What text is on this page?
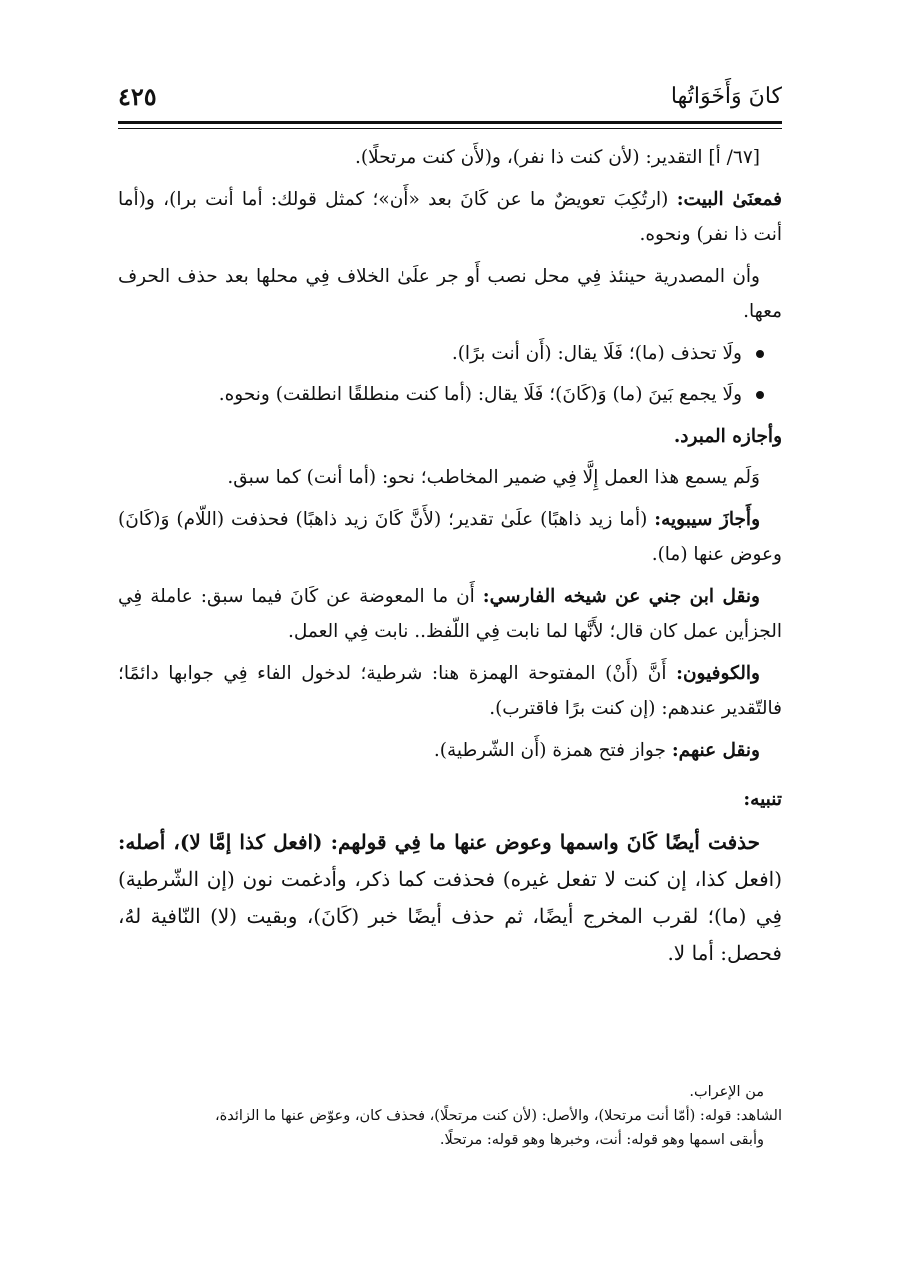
كانَ وَأَخَوَاتُها
٤٢٥

[٦٧/ أ] التقدير: (لأن كنت ذا نفر)، و(لأَن كنت مرتحلًا).

فمعنَىٰ البيت: (ارتُكِبَ تعويضٌ ما عن كَانَ بعد «أَن»؛ كمثل قولك: أما أنت برا)، و(أما أنت ذا نفر) ونحوه.

وأن المصدرية حينئذ فِي محل نصب أَو جر علَىٰ الخلاف فِي محلها بعد حذف الحرف معها.

ولَا تحذف (ما)؛ فَلَا يقال: (أَن أنت برًا).

ولَا يجمع بَينَ (ما) وَ(كَانَ)؛ فَلَا يقال: (أما كنت منطلقًا انطلقت) ونحوه.

وأجازه المبرد.

وَلَم يسمع هذا العمل إِلَّا فِي ضمير المخاطب؛ نحو: (أما أنت) كما سبق.

وأَجازَ سيبويه: (أما زيد ذاهبًا) علَىٰ تقدير؛ (لأَنَّ كَانَ زيد ذاهبًا) فحذفت (اللّام) وَ(كَانَ) وعوض عنها (ما).

ونقل ابن جني عن شيخه الفارسي: أَن ما المعوضة عن كَانَ فيما سبق: عاملة فِي الجزأين عمل كان قال؛ لأَنَّها لما نابت فِي اللّفظ.. نابت فِي العمل.

والكوفيون: أَنَّ (أَنْ) المفتوحة الهمزة هنا: شرطية؛ لدخول الفاء فِي جوابها دائمًا؛ فالتّقدير عندهم: (إن كنت برًا فاقترب).

ونقل عنهم: جواز فتح همزة (أَن الشّرطية).

تنبيه:

حذفت أيضًا كَانَ واسمها وعوض عنها ما فِي قولهم: (افعل كذا إمَّا لا)، أصله: (افعل كذا، إن كنت لا تفعل غيره) فحذفت كما ذكر، وأدغمت نون (إن الشّرطية) فِي (ما)؛ لقرب المخرج أيضًا، ثم حذف أيضًا خبر (كَانَ)، وبقيت (لا) النّافية لهُ، فحصل: أما لا.

من الإعراب.

الشاهد: قوله: (أمّا أنت مرتحلا)، والأصل: (لأن كنت مرتحلًا)، فحذف كان، وعوّض عنها ما الزائدة،

وأبقى اسمها وهو قوله: أنت، وخبرها وهو قوله: مرتحلًا.
